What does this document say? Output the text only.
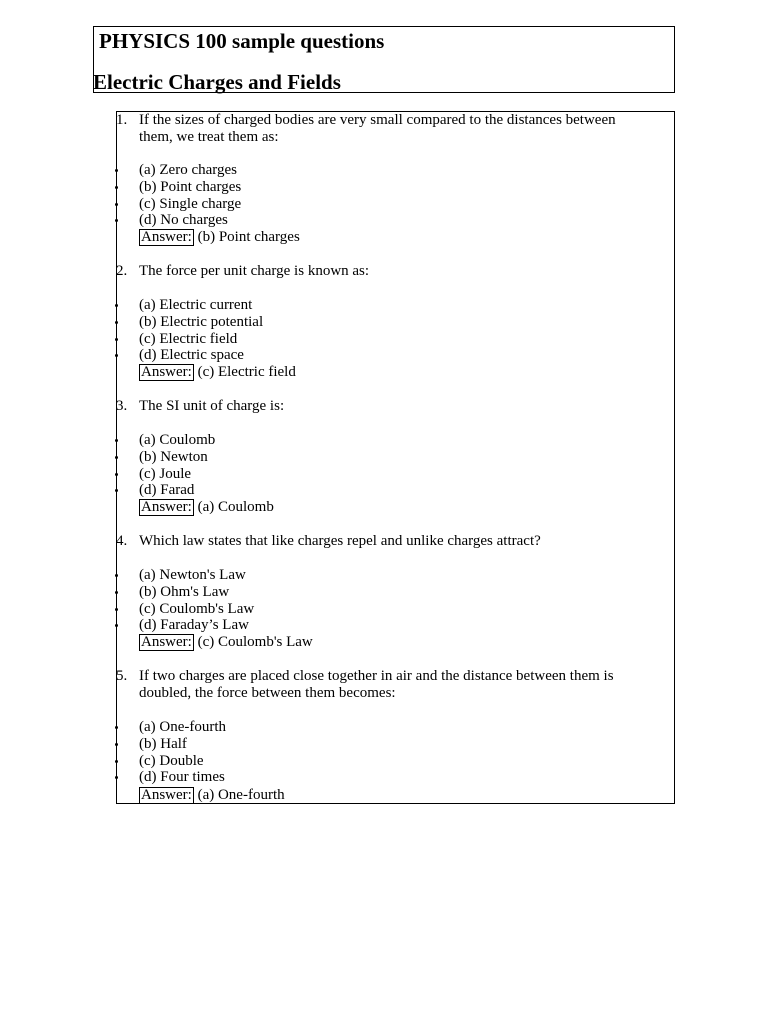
PHYSICS 100 sample questions
Electric Charges and Fields
1. If the sizes of charged bodies are very small compared to the distances between them, we treat them as:
(a) Zero charges
(b) Point charges
(c) Single charge
(d) No charges
Answer: (b) Point charges
2. The force per unit charge is known as:
(a) Electric current
(b) Electric potential
(c) Electric field
(d) Electric space
Answer: (c) Electric field
3. The SI unit of charge is:
(a) Coulomb
(b) Newton
(c) Joule
(d) Farad
Answer: (a) Coulomb
4. Which law states that like charges repel and unlike charges attract?
(a) Newton's Law
(b) Ohm's Law
(c) Coulomb's Law
(d) Faraday’s Law
Answer: (c) Coulomb's Law
5. If two charges are placed close together in air and the distance between them is doubled, the force between them becomes:
(a) One-fourth
(b) Half
(c) Double
(d) Four times
Answer: (a) One-fourth
